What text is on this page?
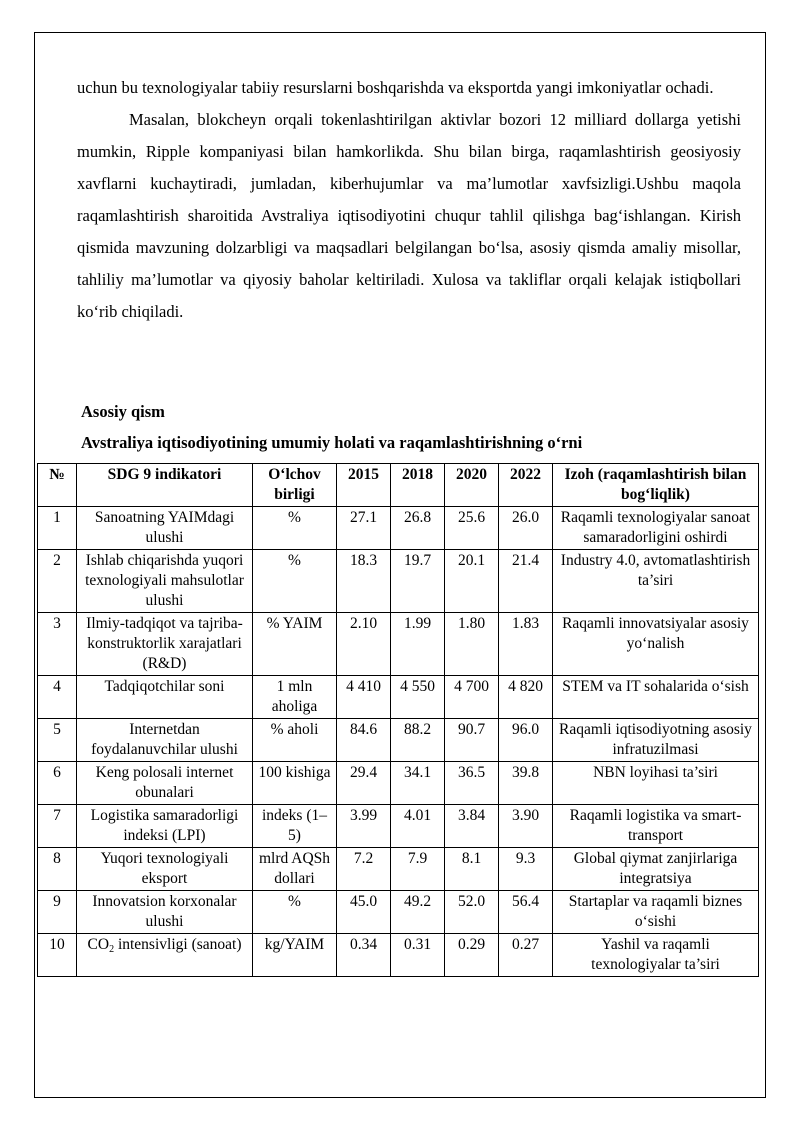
uchun bu texnologiyalar tabiiy resurslarni boshqarishda va eksportda yangi imkoniyatlar ochadi.

Masalan, blokcheyn orqali tokenlashtirilgan aktivlar bozori 12 milliard dollarga yetishi mumkin, Ripple kompaniyasi bilan hamkorlikda. Shu bilan birga, raqamlashtirish geosiyosiy xavflarni kuchaytiradi, jumladan, kiberhujumlar va ma’lumotlar xavfsizligi.Ushbu maqola raqamlashtirish sharoitida Avstraliya iqtisodiyotini chuqur tahlil qilishga bag‘ishlangan. Kirish qismida mavzuning dolzarbligi va maqsadlari belgilangan bo‘lsa, asosiy qismda amaliy misollar, tahliliy ma’lumotlar va qiyosiy baholar keltiriladi. Xulosa va takliflar orqali kelajak istiqbollari ko‘rib chiqiladi.

Asosiy qism

Avstraliya iqtisodiyotining umumiy holati va raqamlashtirishning o‘rni

№	SDG 9 indikatori	O‘lchov birligi	2015	2018	2020	2022	Izoh (raqamlashtirish bilan bog‘liqlik)
1	Sanoatning YAIMdagi ulushi	%	27.1	26.8	25.6	26.0	Raqamli texnologiyalar sanoat samaradorligini oshirdi
2	Ishlab chiqarishda yuqori texnologiyali mahsulotlar ulushi	%	18.3	19.7	20.1	21.4	Industry 4.0, avtomatlashtirish ta’siri
3	Ilmiy-tadqiqot va tajriba-konstruktorlik xarajatlari (R&D)	% YAIM	2.10	1.99	1.80	1.83	Raqamli innovatsiyalar asosiy yo‘nalish
4	Tadqiqotchilar soni	1 mln aholiga	4 410	4 550	4 700	4 820	STEM va IT sohalarida o‘sish
5	Internetdan foydalanuvchilar ulushi	% aholi	84.6	88.2	90.7	96.0	Raqamli iqtisodiyotning asosiy infratuzilmasi
6	Keng polosali internet obunalari	100 kishiga	29.4	34.1	36.5	39.8	NBN loyihasi ta’siri
7	Logistika samaradorligi indeksi (LPI)	indeks (1–5)	3.99	4.01	3.84	3.90	Raqamli logistika va smart-transport
8	Yuqori texnologiyali eksport	mlrd AQSh dollari	7.2	7.9	8.1	9.3	Global qiymat zanjirlariga integratsiya
9	Innovatsion korxonalar ulushi	%	45.0	49.2	52.0	56.4	Startaplar va raqamli biznes o‘sishi
10	$CO_2$ intensivligi (sanoat)	kg/YAIM	0.34	0.31	0.29	0.27	Yashil va raqamli texnologiyalar ta’siri
